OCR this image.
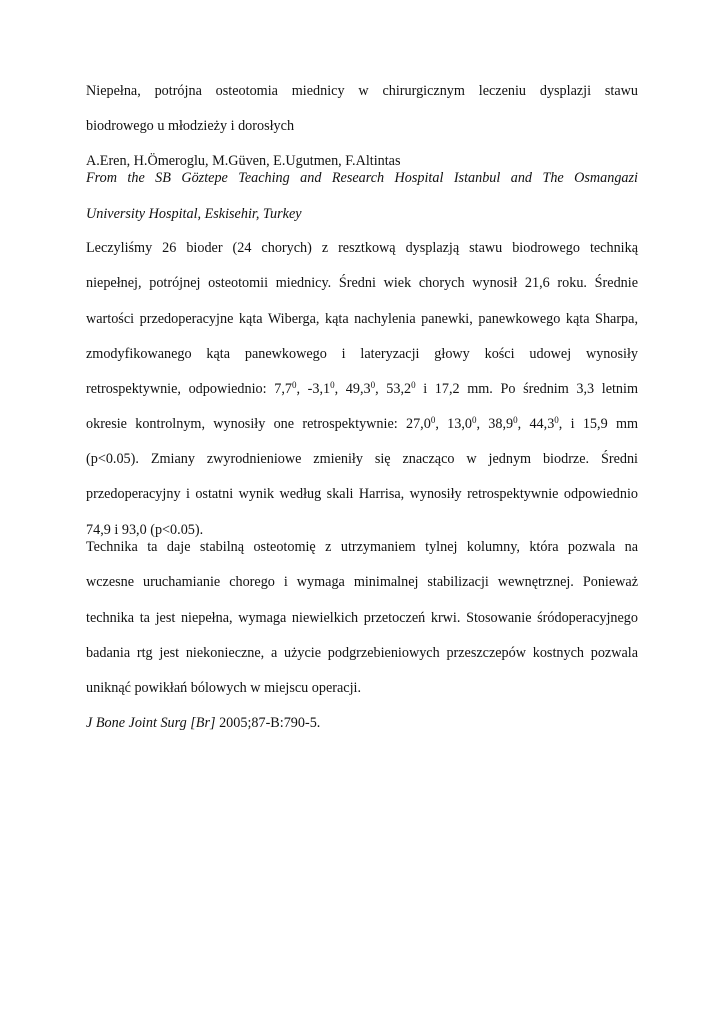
Niepełna, potrójna osteotomia miednicy w chirurgicznym leczeniu dysplazji stawu
biodrowego u młodzieży i dorosłych
A.Eren, H.Ömeroglu, M.Güven, E.Ugutmen, F.Altintas
From the SB Göztepe Teaching and Research Hospital Istanbul and The Osmangazi
University Hospital, Eskisehir, Turkey

Leczyliśmy 26 bioder (24 chorych) z resztkową dysplazją stawu biodrowego techniką
niepełnej, potrójnej osteotomii miednicy. Średni wiek chorych wynosił 21,6 roku. Średnie
wartości przedoperacyjne kąta Wiberga, kąta nachylenia panewki, panewkowego kąta Sharpa,
zmodyfikowanego kąta panewkowego i lateryzacji głowy kości udowej wynosiły
retrospektywnie, odpowiednio: $7,7^0$, $-3,1^0$, 49,3$^0$, 53,2$^0$ i 17,2 mm. Po średnim 3,3 letnim
okresie kontrolnym, wynosiły one retrospektywnie: 27,0$^0$, 13,0$^0$, 38,9$^0$, 44,3$^0$, i 15,9 mm
(p<0.05). Zmiany zwyrodnieniowe zmieniły się znacząco w jednym biodrze. Średni
przedoperacyjny i ostatni wynik według skali Harrisa, wynosiły retrospektywnie odpowiednio
74,9 i 93,0 (p<0.05).

Technika ta daje stabilną osteotomię z utrzymaniem tylnej kolumny, która pozwala na
wczesne uruchamianie chorego i wymaga minimalnej stabilizacji wewnętrznej. Ponieważ
technika ta jest niepełna, wymaga niewielkich przetoczeń krwi. Stosowanie śródoperacyjnego
badania rtg jest niekonieczne, a użycie podgrzebieniowych przeszczepów kostnych pozwala
uniknąć powikłań bólowych w miejscu operacji.

J Bone Joint Surg [Br] 2005;87-B:790-5.
